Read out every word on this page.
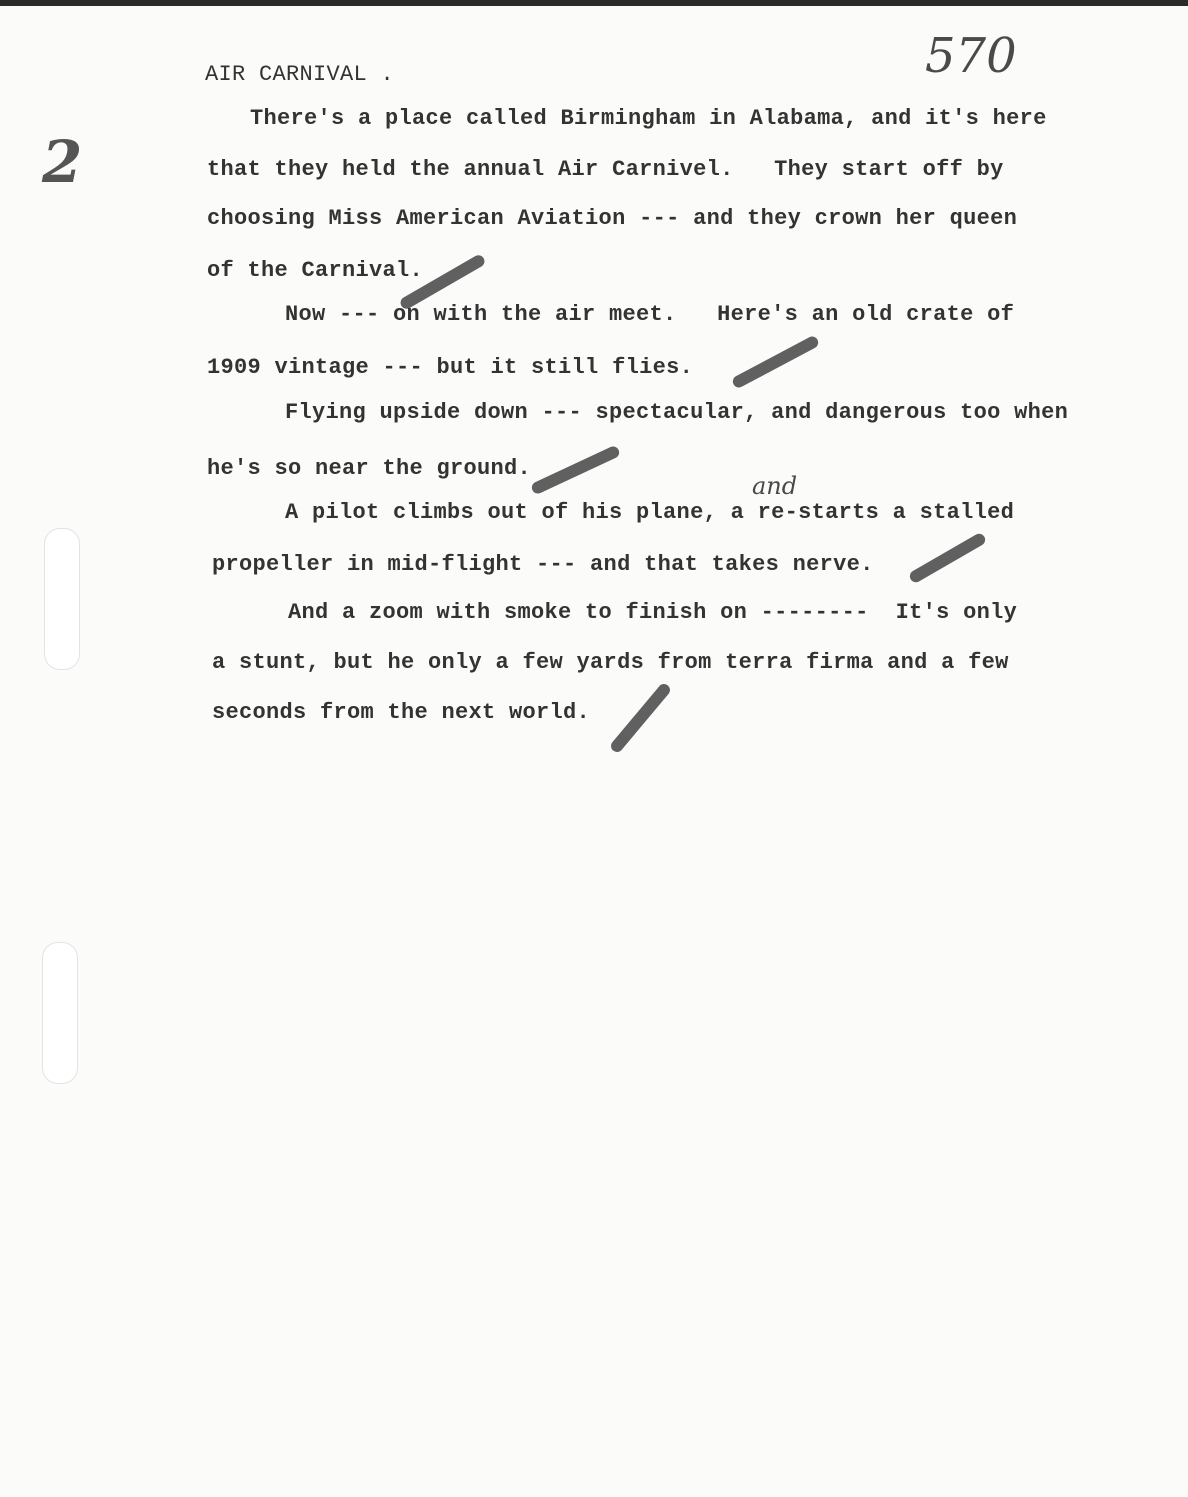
570
2
and
AIR CARNIVAL .
There's a place called Birmingham in Alabama, and it's here
that they held the annual Air Carnivel.   They start off by
choosing Miss American Aviation --- and they crown her queen
of the Carnival.
Now --- on with the air meet.   Here's an old crate of
1909 vintage --- but it still flies.
Flying upside down --- spectacular, and dangerous too when
he's so near the ground.
A pilot climbs out of his plane, a re-starts a stalled
propeller in mid-flight --- and that takes nerve.
And a zoom with smoke to finish on --------  It's only
a stunt, but he only a few yards from terra firma and a few
seconds from the next world.
